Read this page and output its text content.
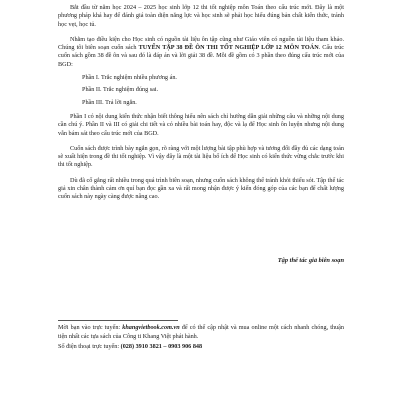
Bắt đầu từ năm học 2024 – 2025 học sinh lớp 12 thi tốt nghiệp môn Toán theo cấu trúc mới. Đây là một phương pháp khá hay để đánh giá toàn diện năng lực và học sinh sẽ phải học hiểu đúng bản chất kiến thức, tránh học vẹt, học tủ.

Nhằm tạo điều kiện cho Học sinh có nguồn tài liệu ôn tập cũng như Giáo viên có nguồn tài liệu tham khảo. Chúng tôi biên soạn cuốn sách TUYỂN TẬP 38 ĐỀ ÔN THI TỐT NGHIỆP LỚP 12 MÔN TOÁN. Cấu trúc cuốn sách gồm 38 đề ôn và sau đó là đáp án và lời giải 38 đề. Mỗi đề gồm có 3 phần theo đúng cấu trúc mới của BGD:

Phần I. Trắc nghiệm nhiều phương án.
Phần II. Trắc nghiệm đúng sai.
Phần III. Trả lời ngắn.

Phần I có nội dung kiến thức nhận biết thông hiểu nên sách chỉ hướng dẫn giải những câu và những nội dung cần chú ý. Phần II và III có giải chi tiết và có nhiều bài toán hay, độc và lạ để Học sinh ôn luyện nhưng nội dung vẫn bám sát theo cấu trúc mới của BGD.

Cuốn sách được trình bày ngắn gọn, rõ ràng với một lượng bài tập phù hợp và tương đối đầy đủ các dạng toán sẽ xuất hiện trong đề thi tốt nghiệp. Vì vậy đây là một tài liệu bổ ích để Học sinh có kiến thức vững chắc trước khi thi tốt nghiệp.

Dù đã cố gắng rất nhiều trong quá trình biên soạn, nhưng cuốn sách không thể tránh khỏi thiếu sót. Tập thể tác giả xin chân thành cảm ơn quí bạn đọc gần xa và rất mong nhận được ý kiến đóng góp của các bạn để chất lượng cuốn sách này ngày càng được nâng cao.

Tập thể tác giả biên soạn

Mời bạn vào trực tuyến: khangvietbook.com.vn để có thể cập nhật và mua online một cách nhanh chóng, thuận tiện nhất các tựa sách của Công ti Khang Việt phát hành.

Số điện thoại trực tuyến: (028) 3910 3821 – 0903 906 848
